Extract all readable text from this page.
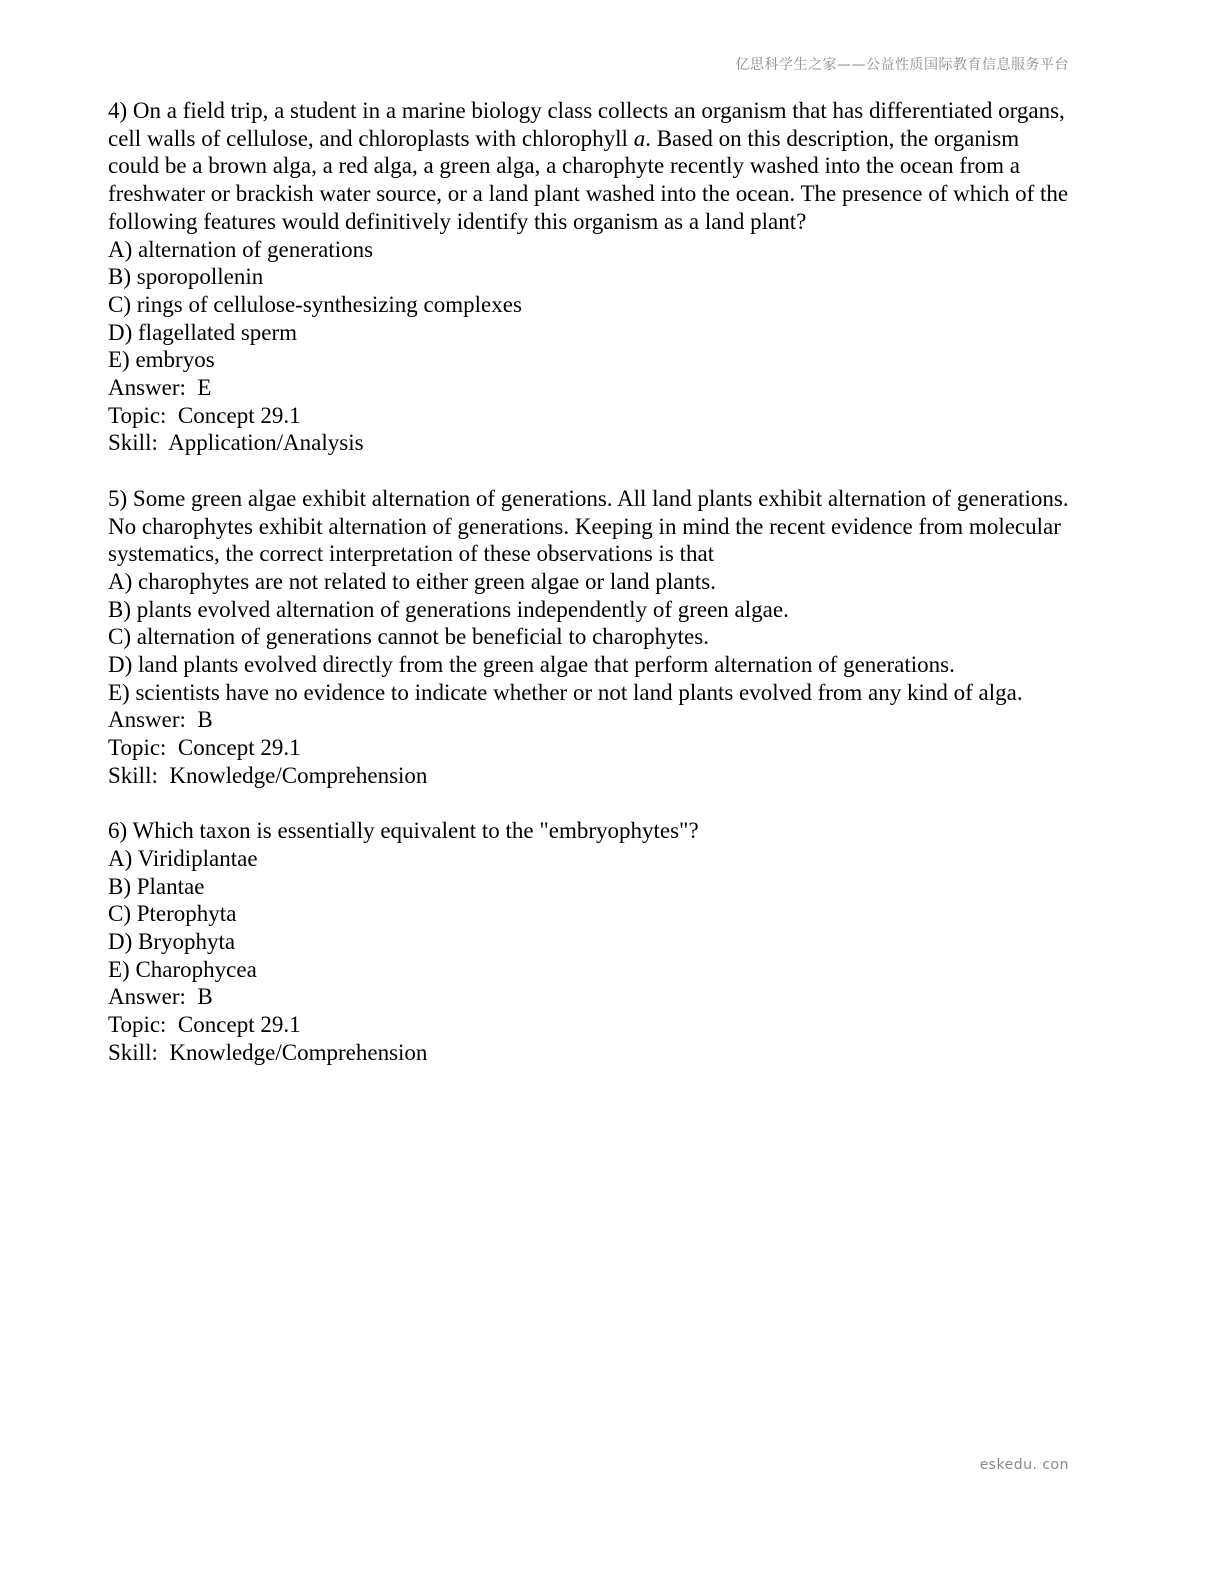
亿思科学生之家——公益性质国际教育信息服务平台
4) On a field trip, a student in a marine biology class collects an organism that has differentiated organs,
cell walls of cellulose, and chloroplasts with chlorophyll a. Based on this description, the organism
could be a brown alga, a red alga, a green alga, a charophyte recently washed into the ocean from a
freshwater or brackish water source, or a land plant washed into the ocean. The presence of which of the
following features would definitively identify this organism as a land plant?
A) alternation of generations
B) sporopollenin
C) rings of cellulose-synthesizing complexes
D) flagellated sperm
E) embryos
Answer:  E
Topic:  Concept 29.1
Skill:  Application/Analysis
5) Some green algae exhibit alternation of generations. All land plants exhibit alternation of generations.
No charophytes exhibit alternation of generations. Keeping in mind the recent evidence from molecular
systematics, the correct interpretation of these observations is that
A) charophytes are not related to either green algae or land plants.
B) plants evolved alternation of generations independently of green algae.
C) alternation of generations cannot be beneficial to charophytes.
D) land plants evolved directly from the green algae that perform alternation of generations.
E) scientists have no evidence to indicate whether or not land plants evolved from any kind of alga.
Answer:  B
Topic:  Concept 29.1
Skill:  Knowledge/Comprehension
6) Which taxon is essentially equivalent to the "embryophytes"?
A) Viridiplantae
B) Plantae
C) Pterophyta
D) Bryophyta
E) Charophycea
Answer:  B
Topic:  Concept 29.1
Skill:  Knowledge/Comprehension
eskedu. con
